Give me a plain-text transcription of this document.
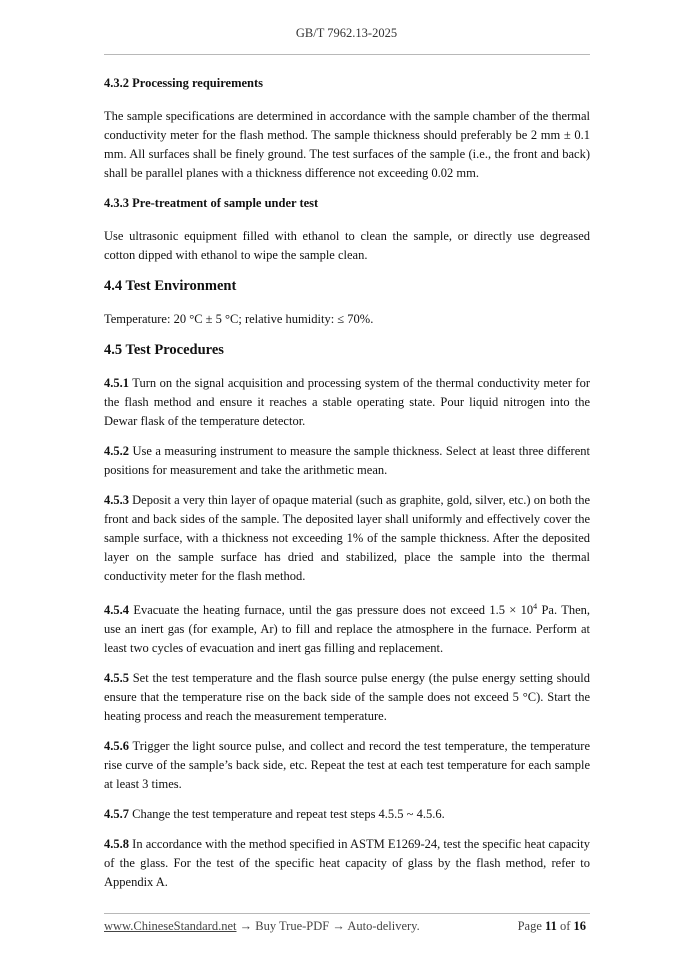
GB/T 7962.13-2025
4.3.2 Processing requirements

The sample specifications are determined in accordance with the sample chamber of the thermal conductivity meter for the flash method. The sample thickness should preferably be 2 mm ± 0.1 mm. All surfaces shall be finely ground. The test surfaces of the sample (i.e., the front and back) shall be parallel planes with a thickness difference not exceeding 0.02 mm.

4.3.3 Pre-treatment of sample under test

Use ultrasonic equipment filled with ethanol to clean the sample, or directly use degreased cotton dipped with ethanol to wipe the sample clean.

4.4 Test Environment

Temperature: 20 °C ± 5 °C; relative humidity: ≤ 70%.

4.5 Test Procedures

4.5.1 Turn on the signal acquisition and processing system of the thermal conductivity meter for the flash method and ensure it reaches a stable operating state. Pour liquid nitrogen into the Dewar flask of the temperature detector.

4.5.2 Use a measuring instrument to measure the sample thickness. Select at least three different positions for measurement and take the arithmetic mean.

4.5.3 Deposit a very thin layer of opaque material (such as graphite, gold, silver, etc.) on both the front and back sides of the sample. The deposited layer shall uniformly and effectively cover the sample surface, with a thickness not exceeding 1% of the sample thickness. After the deposited layer on the sample surface has dried and stabilized, place the sample into the thermal conductivity meter for the flash method.

4.5.4 Evacuate the heating furnace, until the gas pressure does not exceed $1.5 \times 10^4$ Pa. Then, use an inert gas (for example, Ar) to fill and replace the atmosphere in the furnace. Perform at least two cycles of evacuation and inert gas filling and replacement.

4.5.5 Set the test temperature and the flash source pulse energy (the pulse energy setting should ensure that the temperature rise on the back side of the sample does not exceed 5 °C). Start the heating process and reach the measurement temperature.

4.5.6 Trigger the light source pulse, and collect and record the test temperature, the temperature rise curve of the sample’s back side, etc. Repeat the test at each test temperature for each sample at least 3 times.

4.5.7 Change the test temperature and repeat test steps 4.5.5 ~ 4.5.6.

4.5.8 In accordance with the method specified in ASTM E1269-24, test the specific heat capacity of the glass. For the test of the specific heat capacity of glass by the flash method, refer to Appendix A.

www.ChineseStandard.net → Buy True-PDF → Auto-delivery.	Page 11 of 16
